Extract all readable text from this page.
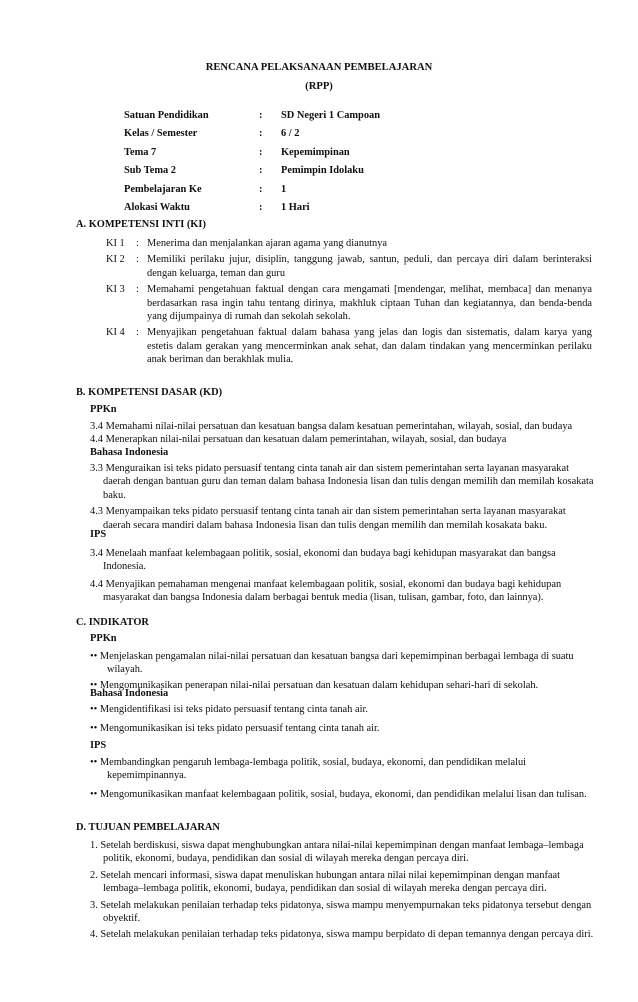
RENCANA PELAKSANAAN PEMBELAJARAN
(RPP)
Satuan Pendidikan	:	SD Negeri 1 Campoan
Kelas / Semester	:	6 / 2
Tema 7	:	Kepemimpinan
Sub Tema 2	:	Pemimpin Idolaku
Pembelajaran Ke	:	1
Alokasi Waktu	:	1 Hari
A. KOMPETENSI INTI (KI)
KI 1	: Menerima dan menjalankan ajaran agama yang dianutnya
KI 2	: Memiliki perilaku jujur, disiplin, tanggung jawab, santun, peduli, dan percaya diri dalam berinteraksi dengan keluarga, teman dan guru
KI 3	: Memahami pengetahuan faktual dengan cara mengamati [mendengar, melihat, membaca] dan menanya berdasarkan rasa ingin tahu tentang dirinya, makhluk ciptaan Tuhan dan kegiatannya, dan benda-benda yang dijumpainya di rumah dan sekolah sekolah.
KI 4	: Menyajikan pengetahuan faktual dalam bahasa yang jelas dan logis dan sistematis, dalam karya yang estetis dalam gerakan yang mencerminkan anak sehat, dan dalam tindakan yang mencerminkan perilaku anak beriman dan berakhlak mulia.
B. KOMPETENSI DASAR (KD)
PPKn
3.4 Memahami nilai-nilai persatuan dan kesatuan bangsa dalam kesatuan pemerintahan, wilayah, sosial, dan budaya
4.4 Menerapkan nilai-nilai persatuan dan kesatuan dalam pemerintahan, wilayah, sosial, dan budaya
Bahasa Indonesia
3.3 Menguraikan isi teks pidato persuasif tentang cinta tanah air dan sistem pemerintahan serta layanan masyarakat daerah dengan bantuan guru dan teman dalam bahasa Indonesia lisan dan tulis dengan memilih dan memilah kosakata baku.
4.3 Menyampaikan teks pidato persuasif tentang cinta tanah air dan sistem pemerintahan serta layanan masyarakat daerah secara mandiri dalam bahasa Indonesia lisan dan tulis dengan memilih dan memilah kosakata baku.
IPS
3.4 Menelaah manfaat kelembagaan politik, sosial, ekonomi dan budaya bagi kehidupan masyarakat dan bangsa Indonesia.
4.4 Menyajikan pemahaman mengenai manfaat kelembagaan politik, sosial, ekonomi dan budaya bagi kehidupan masyarakat dan bangsa Indonesia dalam berbagai bentuk media (lisan, tulisan, gambar, foto, dan lainnya).
C. INDIKATOR
PPKn
•• Menjelaskan pengamalan nilai-nilai persatuan dan kesatuan bangsa dari kepemimpinan berbagai lembaga di suatu wilayah.
•• Mengomunikasikan penerapan nilai-nilai persatuan dan kesatuan dalam kehidupan sehari-hari di sekolah.
Bahasa Indonesia
•• Mengidentifikasi isi teks pidato persuasif tentang cinta tanah air.
•• Mengomunikasikan isi teks pidato persuasif tentang cinta tanah air.
IPS
•• Membandingkan pengaruh lembaga-lembaga politik, sosial, budaya, ekonomi, dan pendidikan melalui kepemimpinannya.
•• Mengomunikasikan manfaat kelembagaan politik, sosial, budaya, ekonomi, dan pendidikan melalui lisan dan tulisan.
D. TUJUAN PEMBELAJARAN
1. Setelah berdiskusi, siswa dapat menghubungkan antara nilai-nilai kepemimpinan dengan manfaat lembaga–lembaga politik, ekonomi, budaya, pendidikan dan sosial di wilayah mereka dengan percaya diri.
2. Setelah mencari informasi, siswa dapat menuliskan hubungan antara nilai nilai kepemimpinan dengan manfaat lembaga–lembaga politik, ekonomi, budaya, pendidikan dan sosial di wilayah mereka dengan percaya diri.
3. Setelah melakukan penilaian terhadap teks pidatonya, siswa mampu menyempurnakan teks pidatonya tersebut dengan obyektif.
4. Setelah melakukan penilaian terhadap teks pidatonya, siswa mampu berpidato di depan temannya dengan percaya diri.
